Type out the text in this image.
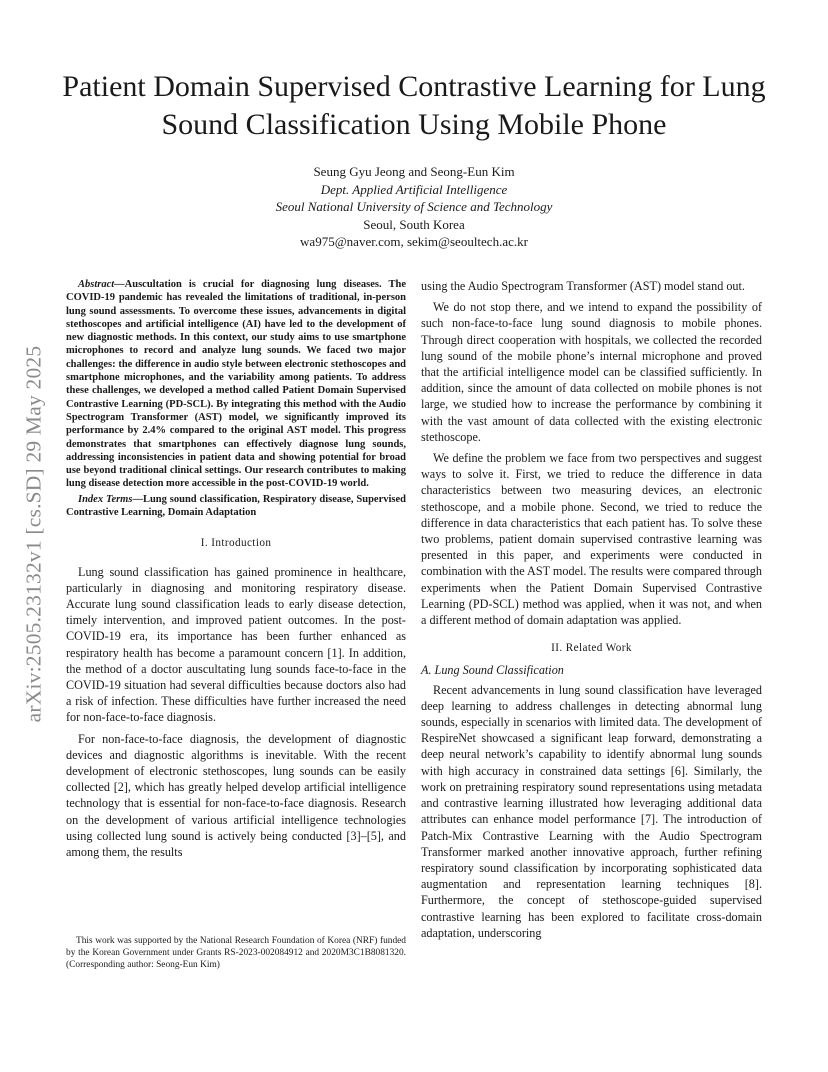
Patient Domain Supervised Contrastive Learning for Lung Sound Classification Using Mobile Phone
Seung Gyu Jeong and Seong-Eun Kim
Dept. Applied Artificial Intelligence
Seoul National University of Science and Technology
Seoul, South Korea
wa975@naver.com, sekim@seoultech.ac.kr
arXiv:2505.23132v1 [cs.SD] 29 May 2025

Abstract—Auscultation is crucial for diagnosing lung diseases. The COVID-19 pandemic has revealed the limitations of traditional, in-person lung sound assessments. To overcome these issues, advancements in digital stethoscopes and artificial intelligence (AI) have led to the development of new diagnostic methods. In this context, our study aims to use smartphone microphones to record and analyze lung sounds. We faced two major challenges: the difference in audio style between electronic stethoscopes and smartphone microphones, and the variability among patients. To address these challenges, we developed a method called Patient Domain Supervised Contrastive Learning (PD-SCL). By integrating this method with the Audio Spectrogram Transformer (AST) model, we significantly improved its performance by 2.4% compared to the original AST model. This progress demonstrates that smartphones can effectively diagnose lung sounds, addressing inconsistencies in patient data and showing potential for broad use beyond traditional clinical settings. Our research contributes to making lung disease detection more accessible in the post-COVID-19 world.

Index Terms—Lung sound classification, Respiratory disease, Supervised Contrastive Learning, Domain Adaptation

I. Introduction

Lung sound classification has gained prominence in healthcare, particularly in diagnosing and monitoring respiratory disease. Accurate lung sound classification leads to early disease detection, timely intervention, and improved patient outcomes. In the post-COVID-19 era, its importance has been further enhanced as respiratory health has become a paramount concern [1]. In addition, the method of a doctor auscultating lung sounds face-to-face in the COVID-19 situation had several difficulties because doctors also had a risk of infection. These difficulties have further increased the need for non-face-to-face diagnosis.

For non-face-to-face diagnosis, the development of diagnostic devices and diagnostic algorithms is inevitable. With the recent development of electronic stethoscopes, lung sounds can be easily collected [2], which has greatly helped develop artificial intelligence technology that is essential for non-face-to-face diagnosis. Research on the development of various artificial intelligence technologies using collected lung sound is actively being conducted [3]–[5], and among them, the results

using the Audio Spectrogram Transformer (AST) model stand out.

We do not stop there, and we intend to expand the possibility of such non-face-to-face lung sound diagnosis to mobile phones. Through direct cooperation with hospitals, we collected the recorded lung sound of the mobile phone’s internal microphone and proved that the artificial intelligence model can be classified sufficiently. In addition, since the amount of data collected on mobile phones is not large, we studied how to increase the performance by combining it with the vast amount of data collected with the existing electronic stethoscope.

We define the problem we face from two perspectives and suggest ways to solve it. First, we tried to reduce the difference in data characteristics between two measuring devices, an electronic stethoscope, and a mobile phone. Second, we tried to reduce the difference in data characteristics that each patient has. To solve these two problems, patient domain supervised contrastive learning was presented in this paper, and experiments were conducted in combination with the AST model. The results were compared through experiments when the Patient Domain Supervised Contrastive Learning (PD-SCL) method was applied, when it was not, and when a different method of domain adaptation was applied.

II. Related Work
A. Lung Sound Classification

Recent advancements in lung sound classification have leveraged deep learning to address challenges in detecting abnormal lung sounds, especially in scenarios with limited data. The development of RespireNet showcased a significant leap forward, demonstrating a deep neural network’s capability to identify abnormal lung sounds with high accuracy in constrained data settings [6]. Similarly, the work on pretraining respiratory sound representations using metadata and contrastive learning illustrated how leveraging additional data attributes can enhance model performance [7]. The introduction of Patch-Mix Contrastive Learning with the Audio Spectrogram Transformer marked another innovative approach, further refining respiratory sound classification by incorporating sophisticated data augmentation and representation learning techniques [8]. Furthermore, the concept of stethoscope-guided supervised contrastive learning has been explored to facilitate cross-domain adaptation, underscoring

This work was supported by the National Research Foundation of Korea (NRF) funded by the Korean Government under Grants RS-2023-002084912 and 2020M3C1B8081320. (Corresponding author: Seong-Eun Kim)
